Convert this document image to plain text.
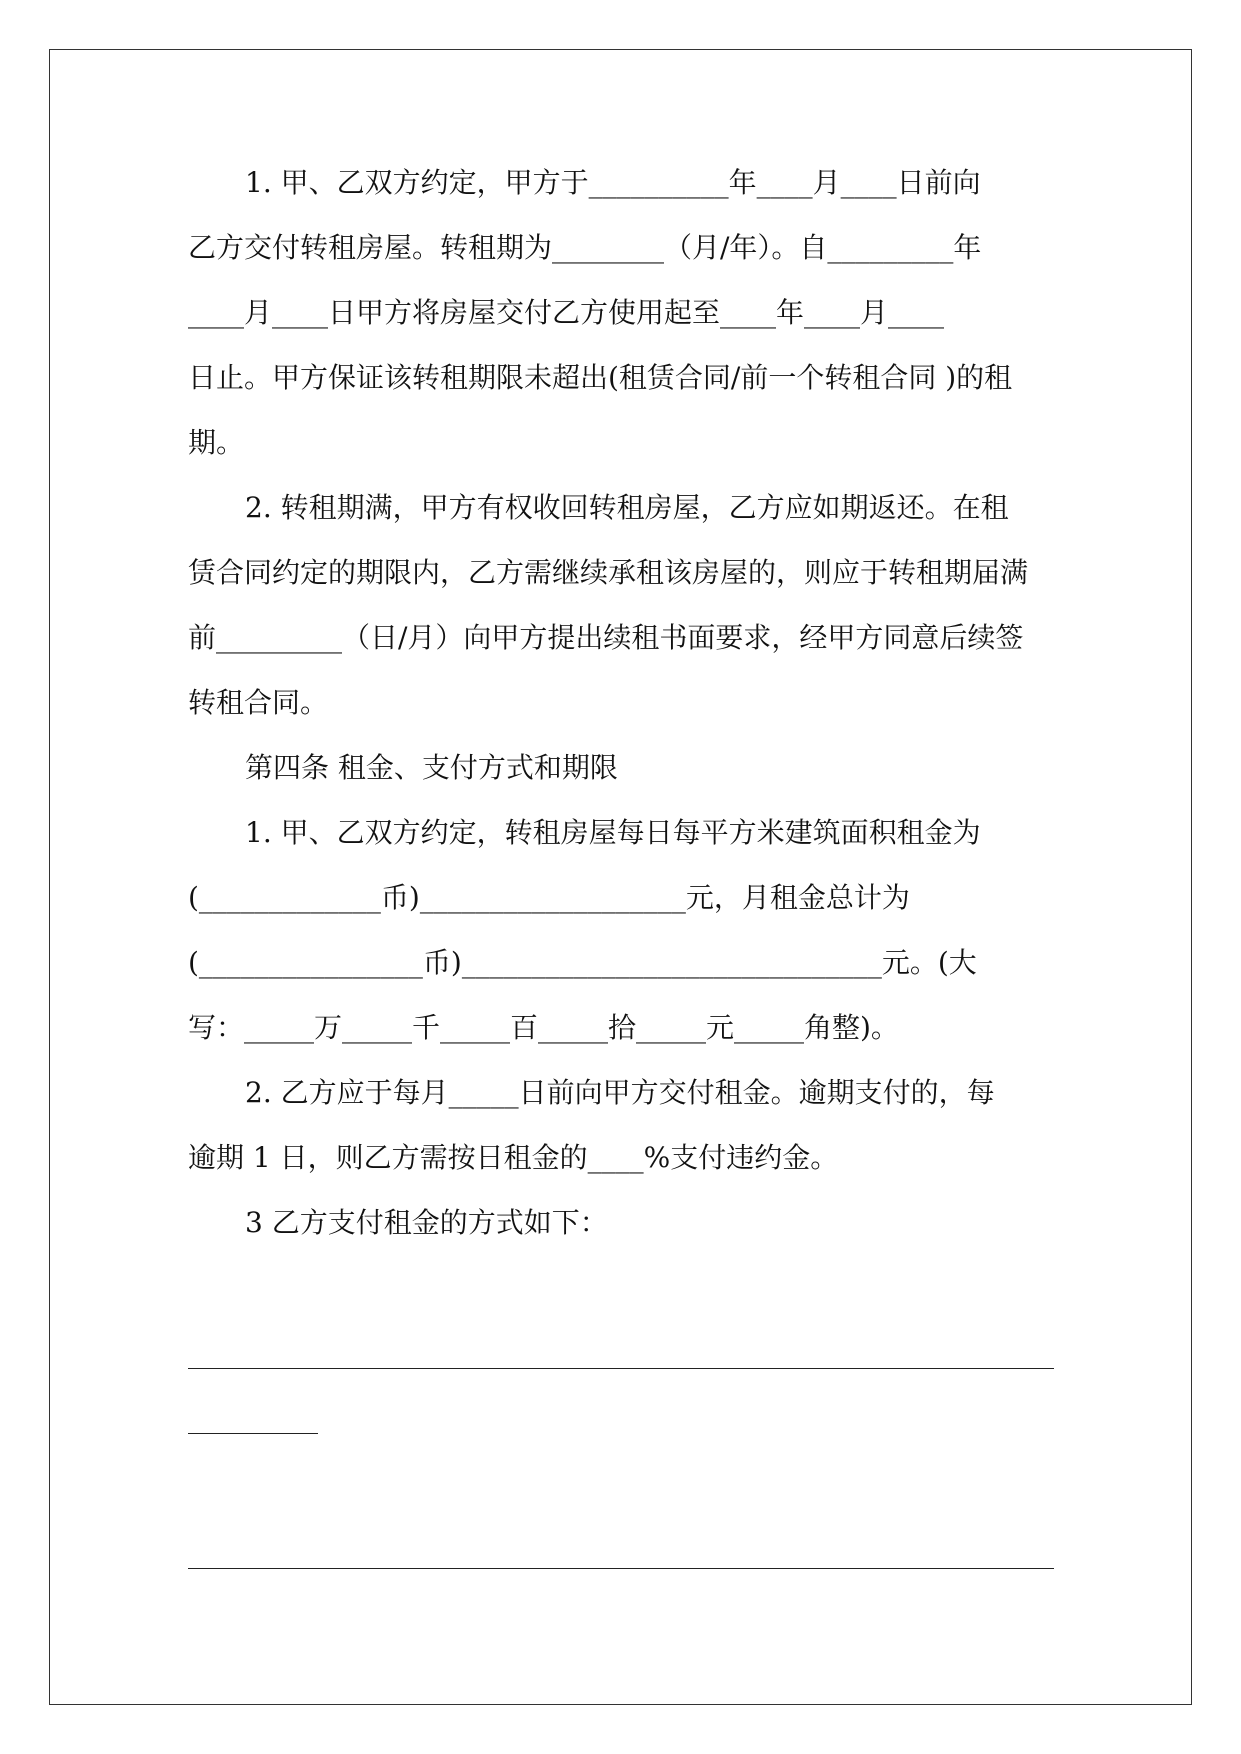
1. 甲、乙双方约定，甲方于__________年____月____日前向
乙方交付转租房屋。转租期为________（月/年）。自_________年
____月____日甲方将房屋交付乙方使用起至____年____月____
日止。甲方保证该转租期限未超出(租赁合同/前一个转租合同 )的租
期。
2. 转租期满，甲方有权收回转租房屋，乙方应如期返还。在租
赁合同约定的期限内，乙方需继续承租该房屋的，则应于转租期届满
前_________（日/月）向甲方提出续租书面要求，经甲方同意后续签
转租合同。
第四条 租金、支付方式和期限
1. 甲、乙双方约定，转租房屋每日每平方米建筑面积租金为
(_____________币)___________________元，月租金总计为
(________________币)______________________________元。(大
写：_____万_____千_____百_____拾_____元_____角整)。
2. 乙方应于每月_____日前向甲方交付租金。逾期支付的，每
逾期 1 日，则乙方需按日租金的____%支付违约金。
3 乙方支付租金的方式如下：
